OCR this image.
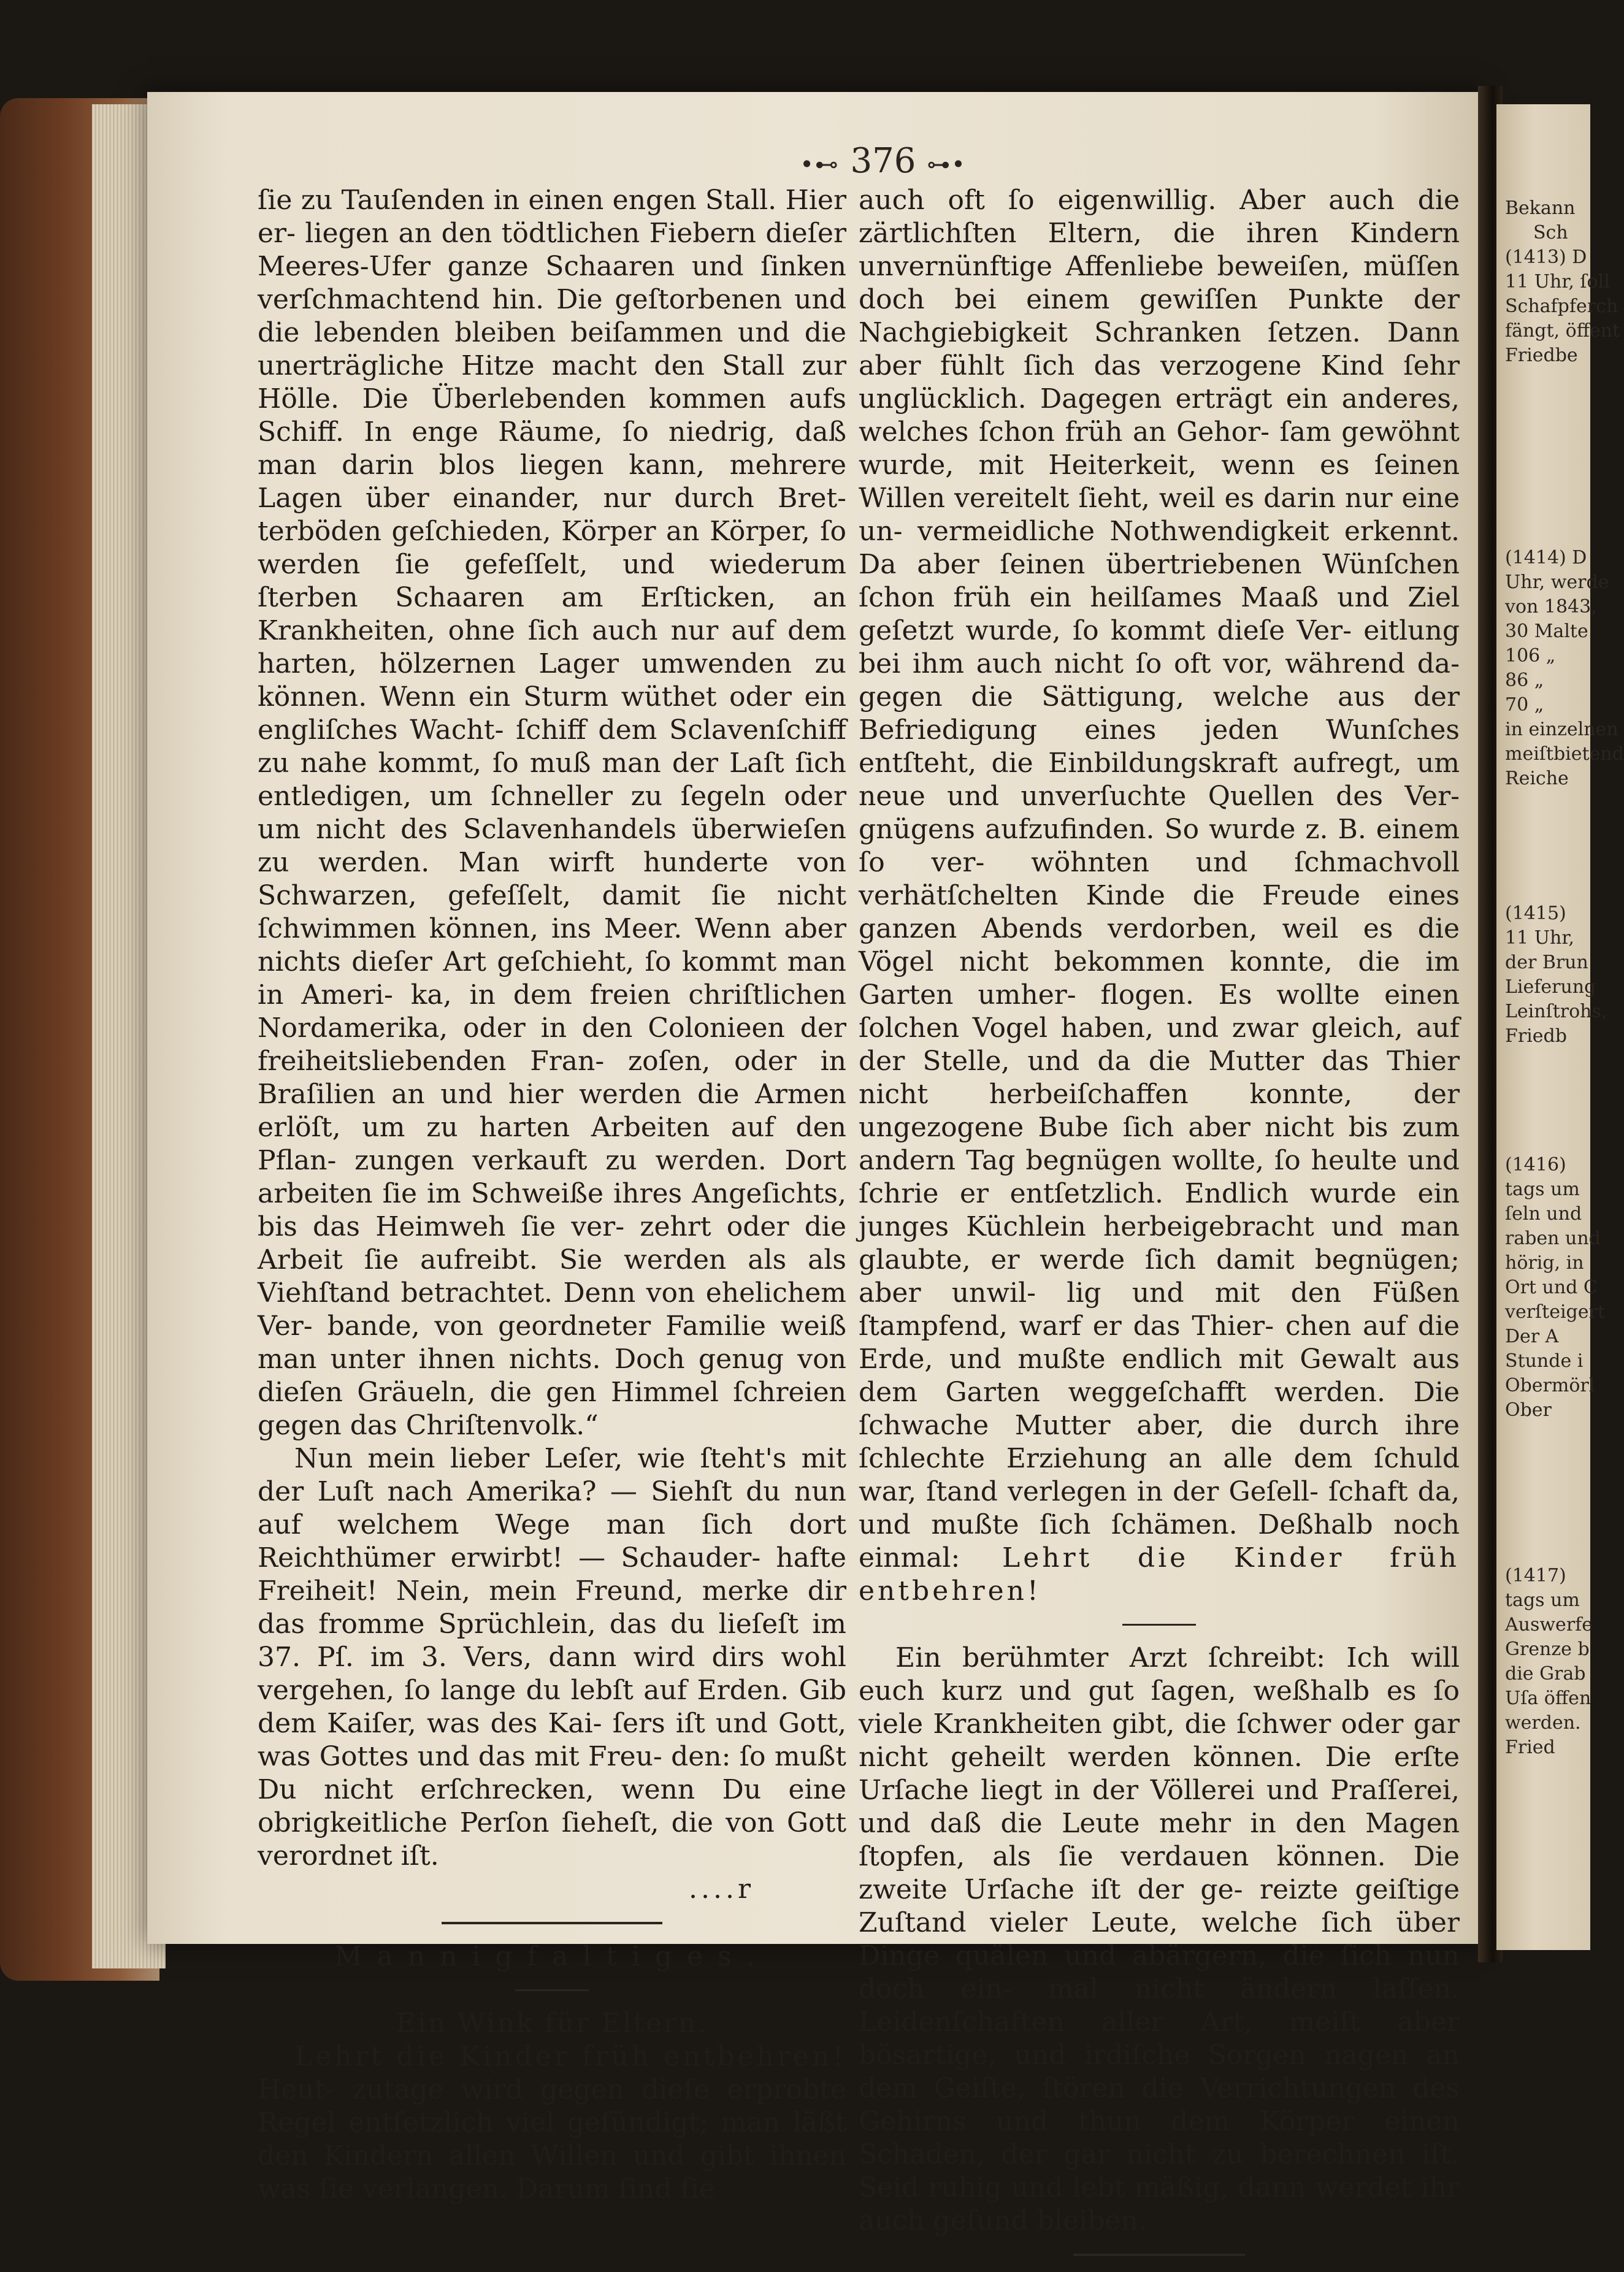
•⊷ 376 ⊶•

ſie zu Tauſenden in einen engen Stall. Hier er- liegen an den tödtlichen Fiebern dieſer Meeres-Ufer ganze Schaaren und ſinken verſchmachtend hin. Die geſtorbenen und die lebenden bleiben beiſammen und die unerträgliche Hitze macht den Stall zur Hölle. Die Überlebenden kommen aufs Schiff. In enge Räume, ſo niedrig, daß man darin blos liegen kann, mehrere Lagen über einander, nur durch Bret- terböden geſchieden, Körper an Körper, ſo werden ſie gefeſſelt, und wiederum ſterben Schaaren am Erſticken, an Krankheiten, ohne ſich auch nur auf dem harten, hölzernen Lager umwenden zu können. Wenn ein Sturm wüthet oder ein engliſches Wacht- ſchiff dem Sclavenſchiff zu nahe kommt, ſo muß man der Laſt ſich entledigen, um ſchneller zu ſegeln oder um nicht des Sclavenhandels überwieſen zu werden. Man wirft hunderte von Schwarzen, gefeſſelt, damit ſie nicht ſchwimmen können, ins Meer. Wenn aber nichts dieſer Art geſchieht, ſo kommt man in Ameri- ka, in dem freien chriſtlichen Nordamerika, oder in den Colonieen der freiheitsliebenden Fran- zoſen, oder in Braſilien an und hier werden die Armen erlöſt, um zu harten Arbeiten auf den Pflan- zungen verkauft zu werden. Dort arbeiten ſie im Schweiße ihres Angeſichts, bis das Heimweh ſie ver- zehrt oder die Arbeit ſie aufreibt. Sie werden als als Viehſtand betrachtet. Denn von ehelichem Ver- bande, von geordneter Familie weiß man unter ihnen nichts. Doch genug von dieſen Gräueln, die gen Himmel ſchreien gegen das Chriſtenvolk.“

Nun mein lieber Leſer, wie ſteht's mit der Luſt nach Amerika? — Siehſt du nun auf welchem Wege man ſich dort Reichthümer erwirbt! — Schauder- hafte Freiheit! Nein, mein Freund, merke dir das fromme Sprüchlein, das du lieſeſt im 37. Pſ. im 3. Vers, dann wird dirs wohl vergehen, ſo lange du lebſt auf Erden. Gib dem Kaiſer, was des Kai- ſers iſt und Gott, was Gottes und das mit Freu- den: ſo mußt Du nicht erſchrecken, wenn Du eine obrigkeitliche Perſon ſieheſt, die von Gott verordnet iſt.

....r

Mannigfaltiges.

Ein Wink für Eltern.

Lehrt die Kinder früh entbehren! Heut- zutage wird gegen dieſe erprobte Regel entſetzlich viel geſündigt; man läßt den Kindern allen Willen und gibt ihnen was ſie verlangen. Darum ſind ſie

auch oft ſo eigenwillig. Aber auch die zärtlichſten Eltern, die ihren Kindern unvernünftige Affenliebe beweiſen, müſſen doch bei einem gewiſſen Punkte der Nachgiebigkeit Schranken ſetzen. Dann aber fühlt ſich das verzogene Kind ſehr unglücklich. Dagegen erträgt ein anderes, welches ſchon früh an Gehor- ſam gewöhnt wurde, mit Heiterkeit, wenn es ſeinen Willen vereitelt ſieht, weil es darin nur eine un- vermeidliche Nothwendigkeit erkennt. Da aber ſeinen übertriebenen Wünſchen ſchon früh ein heilſames Maaß und Ziel geſetzt wurde, ſo kommt dieſe Ver- eitlung bei ihm auch nicht ſo oft vor, während da- gegen die Sättigung, welche aus der Befriedigung eines jeden Wunſches entſteht, die Einbildungskraft aufregt, um neue und unverſuchte Quellen des Ver- gnügens aufzufinden. So wurde z. B. einem ſo ver- wöhnten und ſchmachvoll verhätſchelten Kinde die Freude eines ganzen Abends verdorben, weil es die Vögel nicht bekommen konnte, die im Garten umher- flogen. Es wollte einen ſolchen Vogel haben, und zwar gleich, auf der Stelle, und da die Mutter das Thier nicht herbeiſchaffen konnte, der ungezogene Bube ſich aber nicht bis zum andern Tag begnügen wollte, ſo heulte und ſchrie er entſetzlich. Endlich wurde ein junges Küchlein herbeigebracht und man glaubte, er werde ſich damit begnügen; aber unwil- lig und mit den Füßen ſtampfend, warf er das Thier- chen auf die Erde, und mußte endlich mit Gewalt aus dem Garten weggeſchafft werden. Die ſchwache Mutter aber, die durch ihre ſchlechte Erziehung an alle dem ſchuld war, ſtand verlegen in der Geſell- ſchaft da, und mußte ſich ſchämen. Deßhalb noch einmal: Lehrt die Kinder früh entbehren!

Ein berühmter Arzt ſchreibt: Ich will euch kurz und gut ſagen, weßhalb es ſo viele Krankheiten gibt, die ſchwer oder gar nicht geheilt werden können. Die erſte Urſache liegt in der Völlerei und Praſſerei, und daß die Leute mehr in den Magen ſtopfen, als ſie verdauen können. Die zweite Urſache iſt der ge- reizte geiſtige Zuſtand vieler Leute, welche ſich über Dinge quälen und abärgern, die ſich nun doch ein- mal nicht ändern laſſen. Leidenſchaften aller Art, meiſt aber bösartige, und irdiſche Sorgen nagen an dem Geiſte, ſtören die Verrichtungen des Gehirns und thun dem Körper einen Schaden, der gar nicht zu berechnen iſt. Seid ruhig und lebt mäßig, dann werdet ihr auch geſund bleiben.

Bekann
Sch
(1413) D
11 Uhr, ſoll
Schafpferch
fängt, öffent
Friedbe
(1414) D
Uhr, werde
von 1843,
30 Malte
106 „
86 „
70 „
in einzelnen
meiſtbietend
Reiche
(1415)
11 Uhr,
der Brun
Lieferung
Leinſtrohs,
Friedb
(1416)
tags um
ſeln und
raben und
hörig, in
Ort und C
verſteigert
Der A
Stunde i
Obermörl
Ober
(1417)
tags um
Auswerfe
Grenze b
die Grab
Uſa öffen
werden.
Fried
